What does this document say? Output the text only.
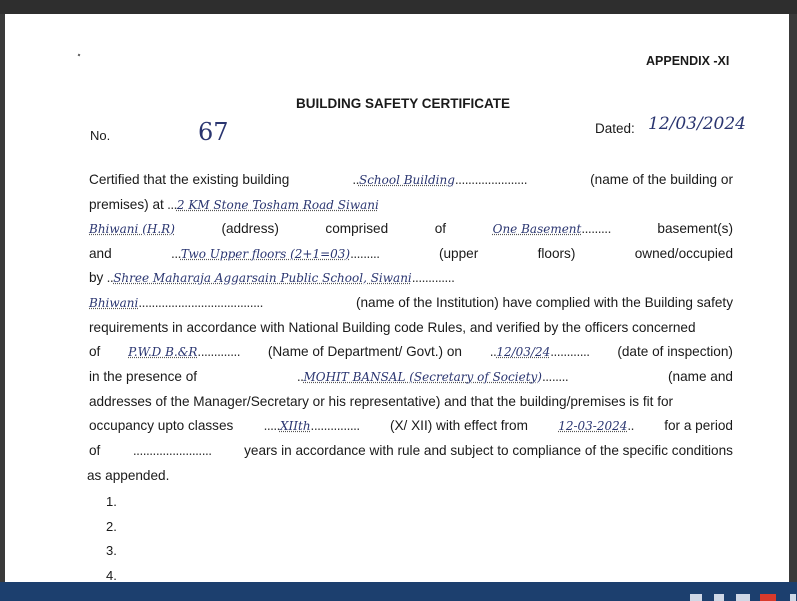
APPENDIX -XI
BUILDING SAFETY CERTIFICATE
No.	67	Dated: 12/03/2024
Certified that the existing building	..School Building......................	(name of the building or
premises) at ... 2 KM Stone Tosham Road Siwani
Bhiwani (H.R)	(address)	comprised	of	One Basement.........	basement(s)
and	...Two Upper floors (2+1=03).........	(upper	floors)	owned/occupied
by .. Shree Maharaja Aggarsain Public School, Siwani .............
Bhiwani......................................	(name of the Institution) have complied with the Building safety
requirements in accordance with National Building code Rules, and verified by the officers concerned
of P.W.D B.&R............. (Name of Department/ Govt.) on ..12/03/24............ (date of inspection)
in the presence of	..MOHIT BANSAL (Secretary of Society)........	(name and
addresses of the Manager/Secretary or his representative) and that the building/premises is fit for
occupancy upto classes .....XIIth............... (X/ XII) with effect from	12-03-2024.. for a period
of ........................ years in accordance with rule and subject to compliance of the specific conditions
as appended.
1.
2.
3.
4.
